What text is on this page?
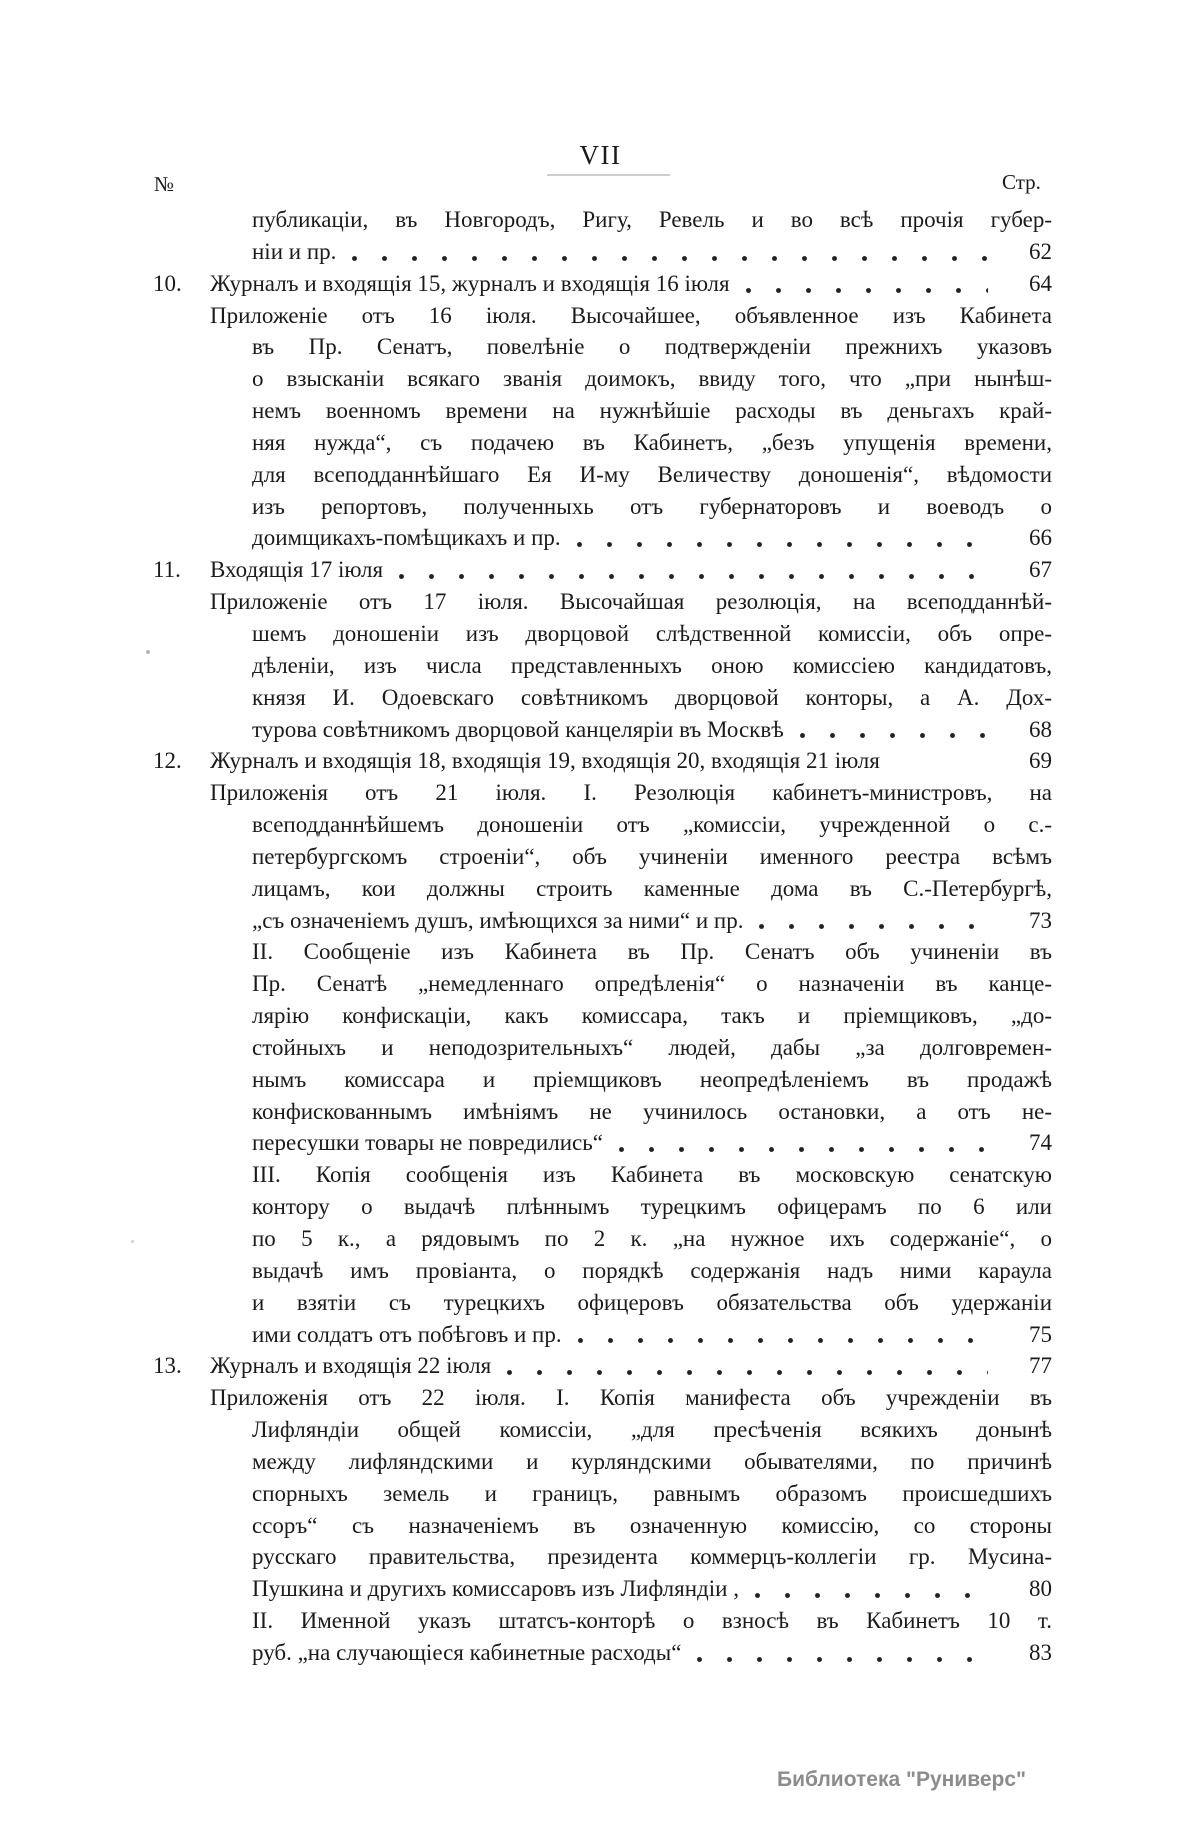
VII
№	Стр.
публикаціи, въ Новгородъ, Ригу, Ревель и во всѣ прочія губер-
ніи и пр.	62
10. Журналъ и входящія 15, журналъ и входящія 16 іюля	64
Приложеніе отъ 16 іюля. Высочайшее, объявленное изъ Кабинета
въ Пр. Сенатъ, повелѣніе о подтвержденіи прежнихъ указовъ
о взысканіи всякаго званія доимокъ, ввиду того, что „при нынѣш-
немъ военномъ времени на нужнѣйшіе расходы въ деньгахъ край-
няя нужда“, съ подачею въ Кабинетъ, „безъ упущенія времени,
для всеподданнѣйшаго Ея И-му Величеству доношенія“, вѣдомости
изъ репортовъ, полученныхь отъ губернаторовъ и воеводъ о
доимщикахъ-помѣщикахъ и пр.	66
11. Входящія 17 іюля	67
Приложеніе отъ 17 іюля. Высочайшая резолюція, на всеподданнѣй-
шемъ доношеніи изъ дворцовой слѣдственной комиссіи, объ опре-
дѣленіи, изъ числа представленныхъ оною комиссіею кандидатовъ,
князя И. Одоевскаго совѣтникомъ дворцовой конторы, а А. Дох-
турова совѣтникомъ дворцовой канцеляріи въ Москвѣ	68
12. Журналъ и входящія 18, входящія 19, входящія 20, входящія 21 іюля	69
Приложенія отъ 21 іюля. I. Резолюція кабинетъ-министровъ, на
всеподданнѣйшемъ доношеніи отъ „комиссіи, учрежденной о с.-
петербургскомъ строеніи“, объ учиненіи именного реестра всѣмъ
лицамъ, кои должны строить каменные дома въ С.-Петербургѣ,
„съ означеніемъ душъ, имѣющихся за ними“ и пр.	73
II. Сообщеніе изъ Кабинета въ Пр. Сенатъ объ учиненіи въ
Пр. Сенатѣ „немедленнаго опредѣленія“ о назначеніи въ канце-
лярію конфискаціи, какъ комиссара, такъ и пріемщиковъ, „до-
стойныхъ и неподозрительныхъ“ людей, дабы „за долговремен-
нымъ комиссара и пріемщиковъ неопредѣленіемъ въ продажѣ
конфискованнымъ имѣніямъ не учинилось остановки, а отъ не-
пересушки товары не повредились“	74
III. Копія сообщенія изъ Кабинета въ московскую сенатскую
контору о выдачѣ плѣннымъ турецкимъ офицерамъ по 6 или
по 5 к., а рядовымъ по 2 к. „на нужное ихъ содержаніе“, о
выдачѣ имъ провіанта, о порядкѣ содержанія надъ ними караула
и взятіи съ турецкихъ офицеровъ обязательства объ удержаніи
ими солдатъ отъ побѣговъ и пр.	75
13. Журналъ и входящія 22 іюля	77
Приложенія отъ 22 іюля. I. Копія манифеста объ учрежденіи въ
Лифляндіи общей комиссіи, „для пресѣченія всякихъ донынѣ
между лифляндскими и курляндскими обывателями, по причинѣ
спорныхъ земель и границъ, равнымъ образомъ происшедшихъ
ссоръ“ съ назначеніемъ въ означенную комиссію, со стороны
русскаго правительства, президента коммерцъ-коллегіи гр. Мусина-
Пушкина и другихъ комиссаровъ изъ Лифляндіи ,	80
II. Именной указъ штатсъ-конторѣ о взносѣ въ Кабинетъ 10 т.
руб. „на случающіеся кабинетные расходы“	83
Библиотека "Руниверс"
